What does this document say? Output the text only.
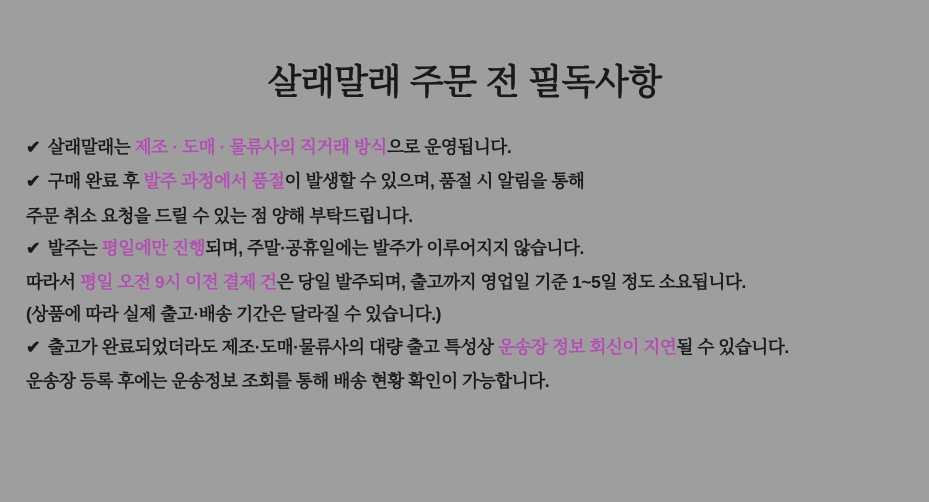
살래말래 주문 전 필독사항
✔ 살래말래는 제조 · 도매 · 물류사의 직거래 방식으로 운영됩니다.
✔ 구매 완료 후 발주 과정에서 품절이 발생할 수 있으며, 품절 시 알림을 통해
주문 취소 요청을 드릴 수 있는 점 양해 부탁드립니다.
✔ 발주는 평일에만 진행되며, 주말·공휴일에는 발주가 이루어지지 않습니다.
따라서 평일 오전 9시 이전 결제 건은 당일 발주되며, 출고까지 영업일 기준 1~5일 정도 소요됩니다.
(상품에 따라 실제 출고·배송 기간은 달라질 수 있습니다.)
✔ 출고가 완료되었더라도 제조·도매·물류사의 대량 출고 특성상 운송장 정보 회신이 지연될 수 있습니다.
운송장 등록 후에는 운송정보 조회를 통해 배송 현황 확인이 가능합니다.
